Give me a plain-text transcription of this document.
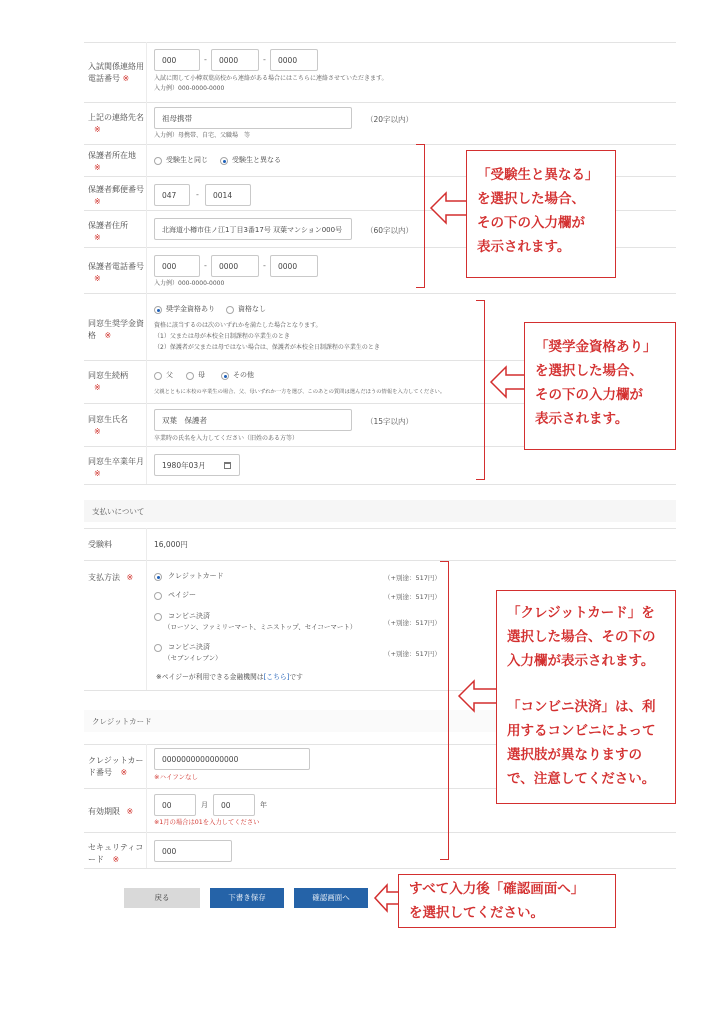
入試関係連絡用
電話番号 ※
000	-	0000	-	0000
入試に関して小樽双葉高校から連絡がある場合にはこちらに連絡させていただきます。
入力例）000-0000-0000
上記の連絡先名
※
祖母携帯	（20字以内）
入力例）母携帯、自宅、父職場　等
保護者所在地
※
受験生と同じ	受験生と異なる
保護者郵便番号
※
047	-	0014
保護者住所
※
北海道小樽市住ノ江1丁目3番17号 双葉マンション000号	（60字以内）
保護者電話番号
※
000	-	0000	-	0000
入力例）000-0000-0000
同窓生奨学金資
格 ※
奨学金資格あり	資格なし
資格に該当するのは次のいずれかを満たした場合となります。
（1）父または母が本校全日制課程の卒業生のとき
（2）保護者が父または母ではない場合は、保護者が本校全日制課程の卒業生のとき
同窓生続柄
※
父	母	その他
父親とともに本校の卒業生の場合、父、母いずれか一方を選び、このあとの質問は選んだほうの情報を入力してください。
同窓生氏名
※
双葉　保護者	（15字以内）
卒業時の氏名を入力してください（旧姓のある方等）
同窓生卒業年月
※
1980年03月
支払いについて
受験料	16,000円
支払方法 ※	クレジットカード	（+別途：517円）
ペイジー	（+別途：517円）
コンビニ決済
（ローソン、ファミリーマート、ミニストップ、セイコーマート）	（+別途：517円）
コンビニ決済
（セブンイレブン）	（+別途：517円）
※ペイジーが利用できる金融機関は[こちら]です
クレジットカード
クレジットカー
ド番号 ※
0000000000000000
※ハイフンなし
有効期限 ※
00	月	00	年
※1月の場合は01を入力してください
セキュリティコ
ード ※
000
戻る	下書き保存	確認画面へ

「受験生と異なる」

を選択した場合、

その下の入力欄が

表示されます。

「奨学金資格あり」

を選択した場合、

その下の入力欄が

表示されます。

「クレジットカード」を

選択した場合、その下の

入力欄が表示されます。

「コンビニ決済」は、利

用するコンビニによって

選択肢が異なりますの

で、注意してください。

すべて入力後「確認画面へ」

を選択してください。
